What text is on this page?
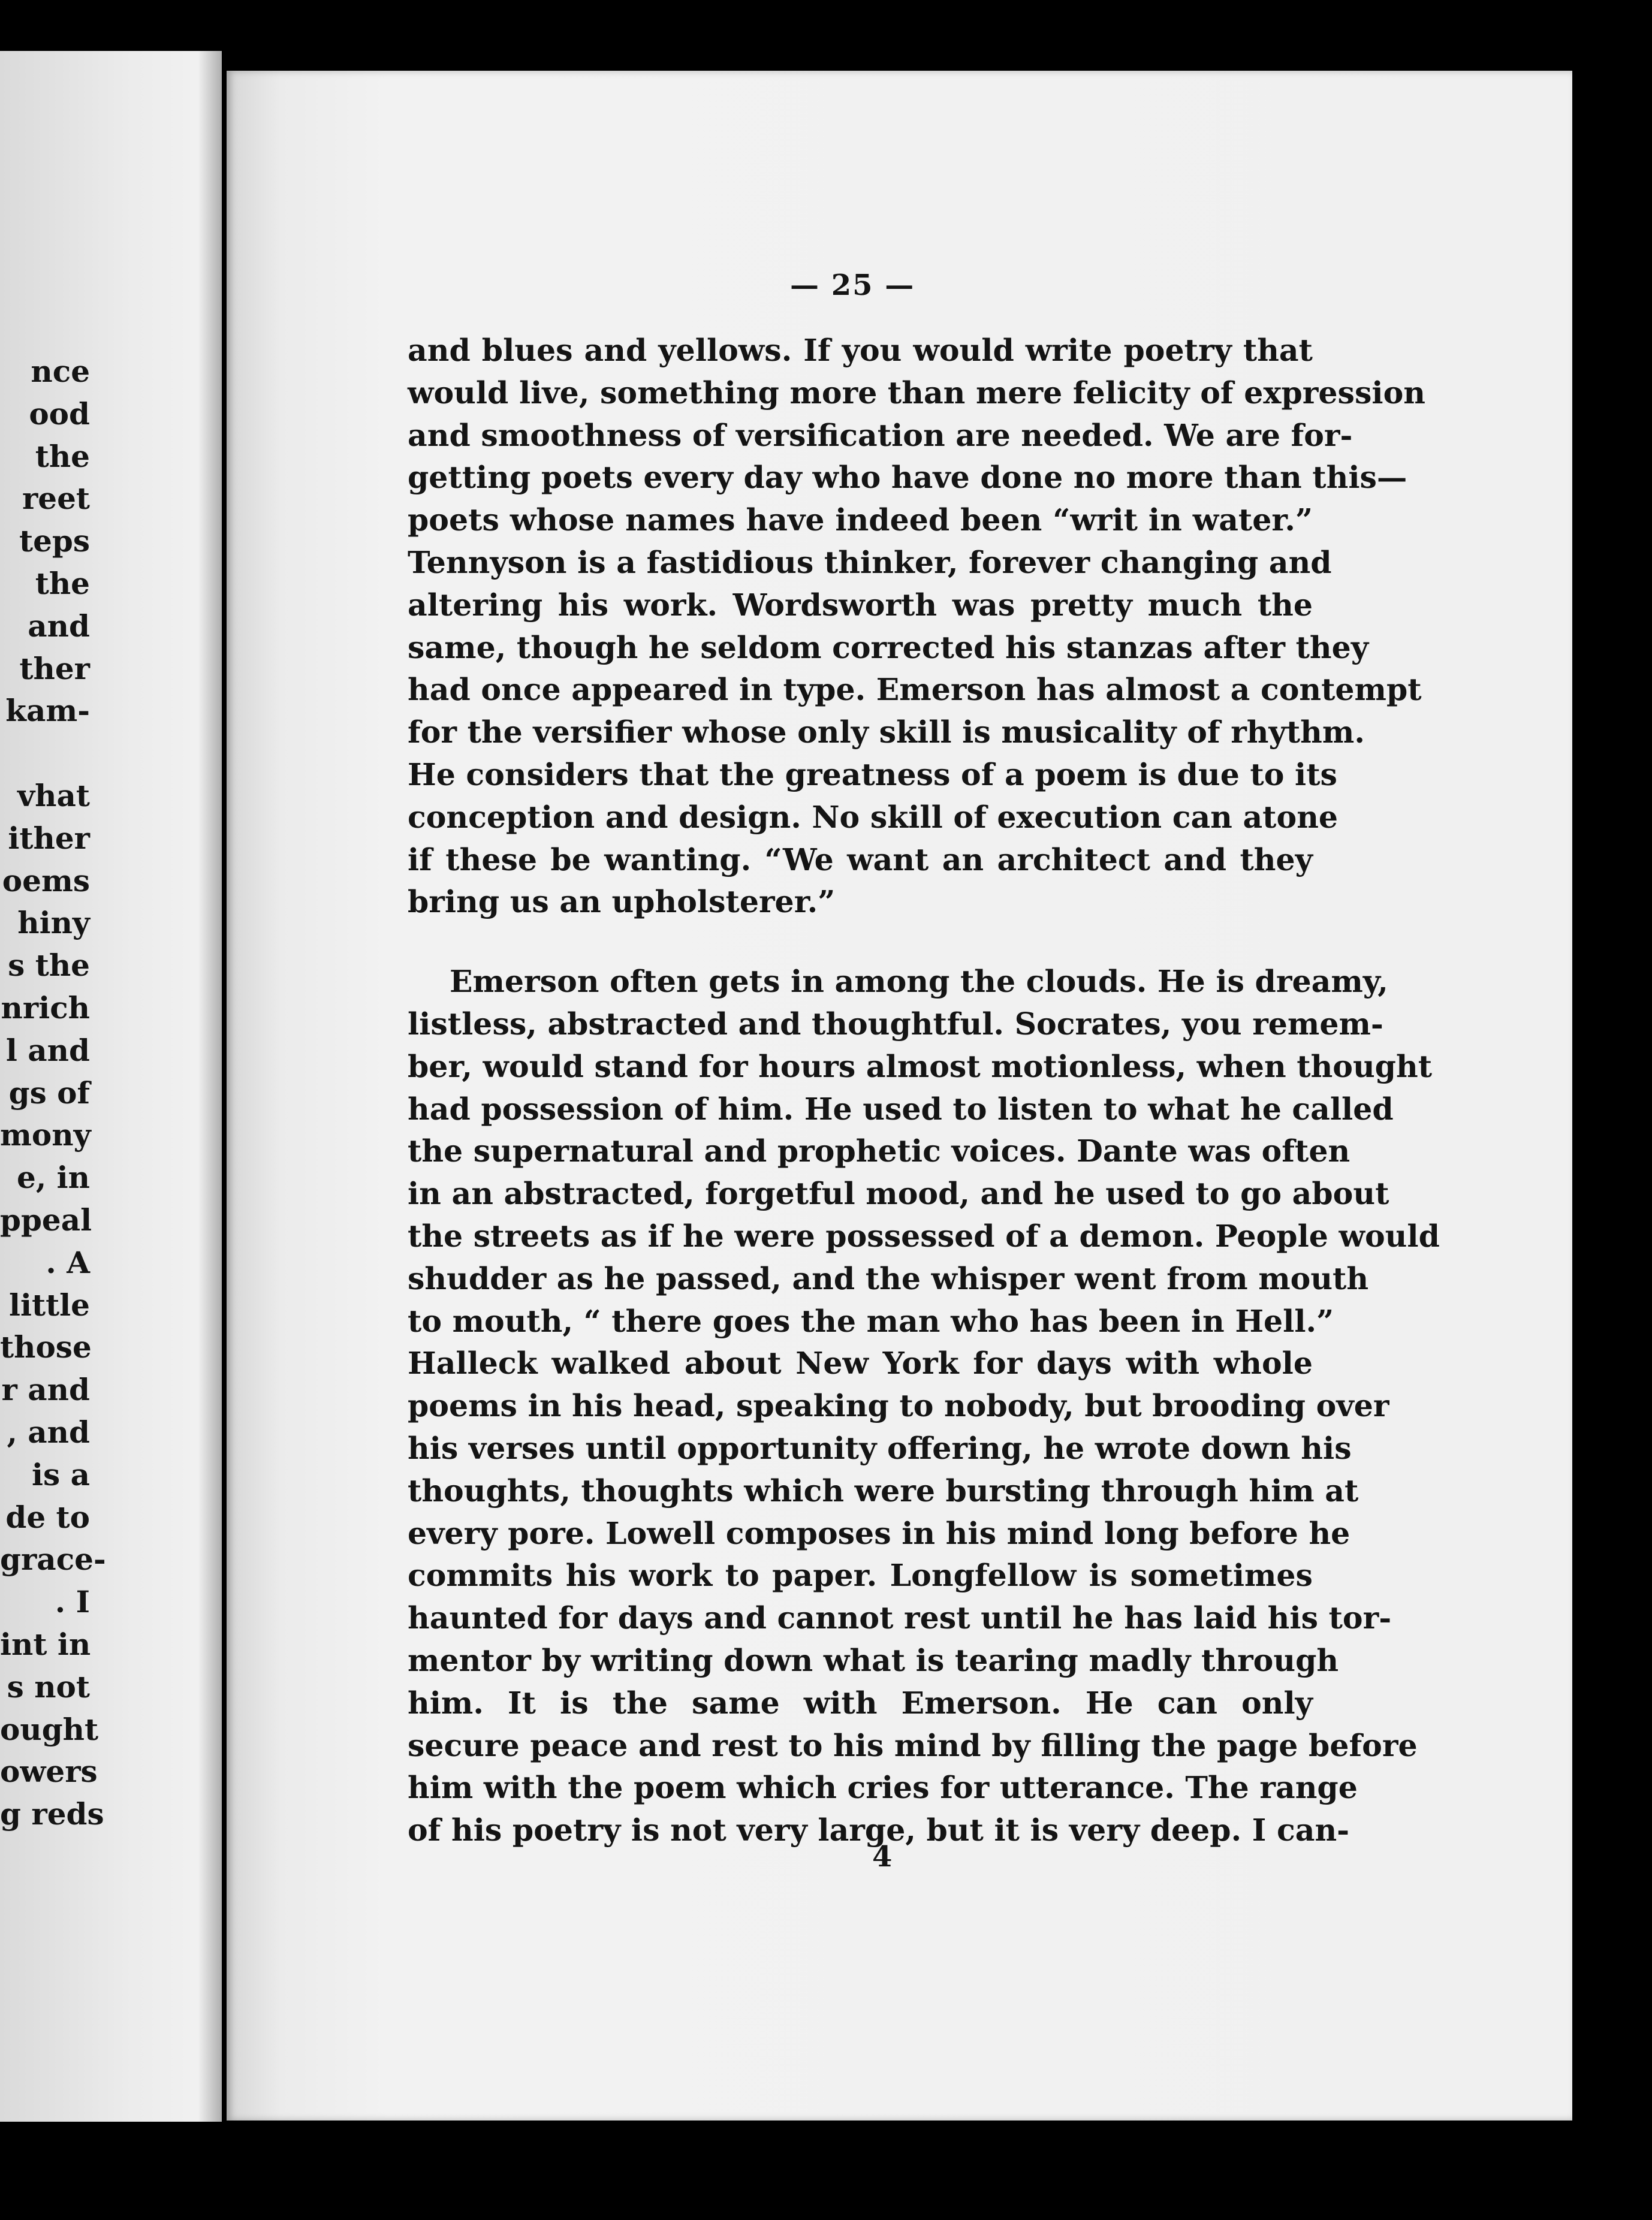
nce
ood
the
reet
teps
the
and
ther
kam-

vhat
ither
oems
hiny
s the
nrich
l and
gs of
mony
e, in
ppeal
. A
little
those
r and
, and
is a
de to
grace-
. I
int in
s not
ought
owers
g reds
— 25 —
and blues and yellows. If you would write poetry that
would live, something more than mere felicity of expression
and smoothness of versification are needed. We are for-
getting poets every day who have done no more than this—
poets whose names have indeed been “writ in water.”
Tennyson is a fastidious thinker, forever changing and
altering his work. Wordsworth was pretty much the
same, though he seldom corrected his stanzas after they
had once appeared in type. Emerson has almost a contempt
for the versifier whose only skill is musicality of rhythm.
He considers that the greatness of a poem is due to its
conception and design. No skill of execution can atone
if these be wanting. “We want an architect and they
bring us an upholsterer.”
Emerson often gets in among the clouds. He is dreamy,
listless, abstracted and thoughtful. Socrates, you remem-
ber, would stand for hours almost motionless, when thought
had possession of him. He used to listen to what he called
the supernatural and prophetic voices. Dante was often
in an abstracted, forgetful mood, and he used to go about
the streets as if he were possessed of a demon. People would
shudder as he passed, and the whisper went from mouth
to mouth, “ there goes the man who has been in Hell.”
Halleck walked about New York for days with whole
poems in his head, speaking to nobody, but brooding over
his verses until opportunity offering, he wrote down his
thoughts, thoughts which were bursting through him at
every pore. Lowell composes in his mind long before he
commits his work to paper. Longfellow is sometimes
haunted for days and cannot rest until he has laid his tor-
mentor by writing down what is tearing madly through
him. It is the same with Emerson. He can only
secure peace and rest to his mind by filling the page before
him with the poem which cries for utterance. The range
of his poetry is not very large, but it is very deep. I can-
4
